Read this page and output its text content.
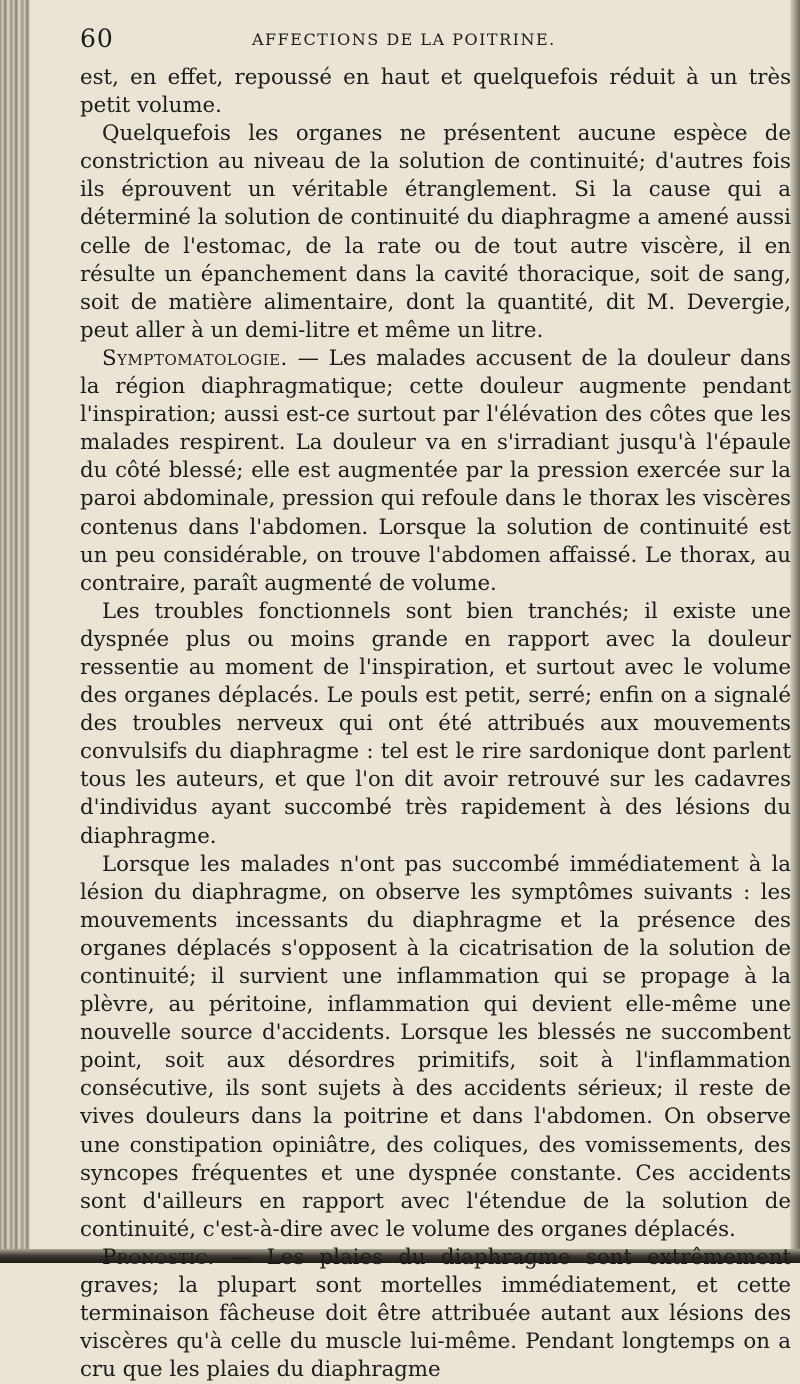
60	AFFECTIONS DE LA POITRINE.

est, en effet, repoussé en haut et quelquefois réduit à un très petit volume.

Quelquefois les organes ne présentent aucune espèce de constriction au niveau de la solution de continuité; d'autres fois ils éprouvent un véritable étranglement. Si la cause qui a déterminé la solution de continuité du diaphragme a amené aussi celle de l'estomac, de la rate ou de tout autre viscère, il en résulte un épanchement dans la cavité thoracique, soit de sang, soit de matière alimentaire, dont la quantité, dit M. Devergie, peut aller à un demi-litre et même un litre.

Symptomatologie. — Les malades accusent de la douleur dans la région diaphragmatique; cette douleur augmente pendant l'inspiration; aussi est-ce surtout par l'élévation des côtes que les malades respirent. La douleur va en s'irradiant jusqu'à l'épaule du côté blessé; elle est augmentée par la pression exercée sur la paroi abdominale, pression qui refoule dans le thorax les viscères contenus dans l'abdomen. Lorsque la solution de continuité est un peu considérable, on trouve l'abdomen affaissé. Le thorax, au contraire, paraît augmenté de volume.

Les troubles fonctionnels sont bien tranchés; il existe une dyspnée plus ou moins grande en rapport avec la douleur ressentie au moment de l'inspiration, et surtout avec le volume des organes déplacés. Le pouls est petit, serré; enfin on a signalé des troubles nerveux qui ont été attribués aux mouvements convulsifs du diaphragme : tel est le rire sardonique dont parlent tous les auteurs, et que l'on dit avoir retrouvé sur les cadavres d'individus ayant succombé très rapidement à des lésions du diaphragme.

Lorsque les malades n'ont pas succombé immédiatement à la lésion du diaphragme, on observe les symptômes suivants : les mouvements incessants du diaphragme et la présence des organes déplacés s'opposent à la cicatrisation de la solution de continuité; il survient une inflammation qui se propage à la plèvre, au péritoine, inflammation qui devient elle-même une nouvelle source d'accidents. Lorsque les blessés ne succombent point, soit aux désordres primitifs, soit à l'inflammation consécutive, ils sont sujets à des accidents sérieux; il reste de vives douleurs dans la poitrine et dans l'abdomen. On observe une constipation opiniâtre, des coliques, des vomissements, des syncopes fréquentes et une dyspnée constante. Ces accidents sont d'ailleurs en rapport avec l'étendue de la solution de continuité, c'est-à-dire avec le volume des organes déplacés.

Pronostic. — Les plaies du diaphragme sont extrêmement graves; la plupart sont mortelles immédiatement, et cette terminaison fâcheuse doit être attribuée autant aux lésions des viscères qu'à celle du muscle lui-même. Pendant longtemps on a cru que les plaies du diaphragme
